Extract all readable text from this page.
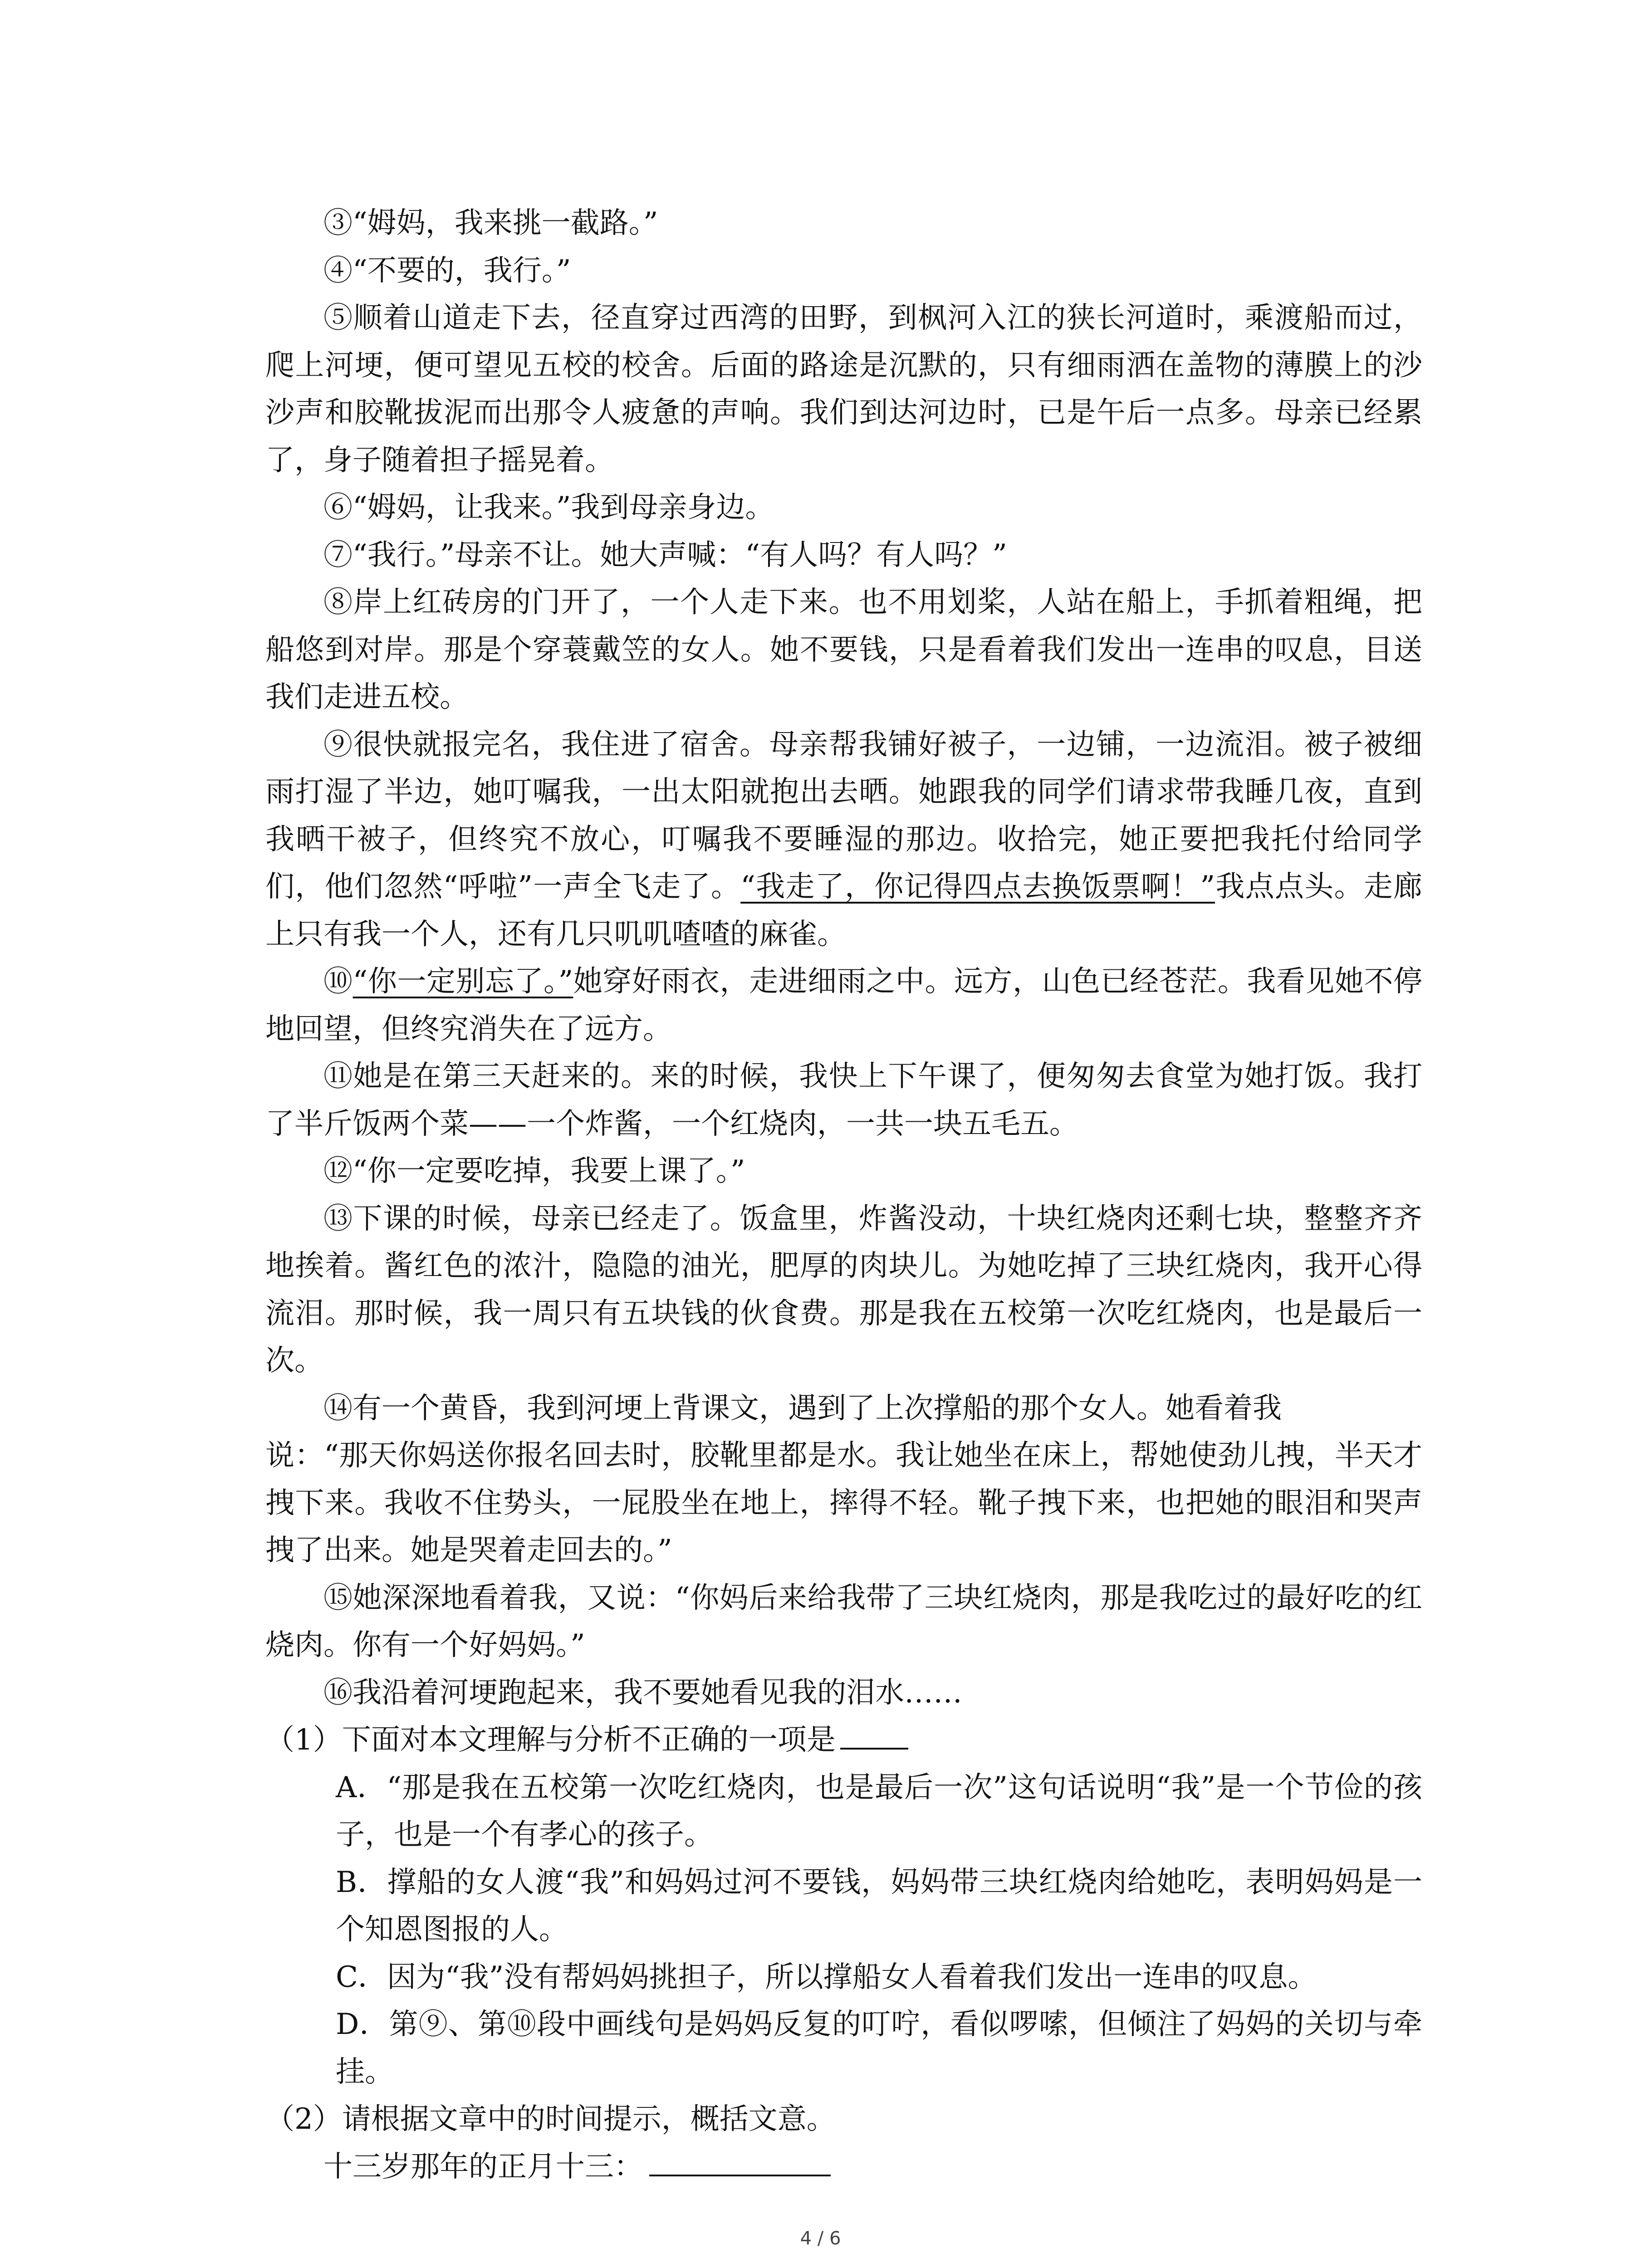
③“姆妈，我来挑一截路。”

④“不要的，我行。”

⑤顺着山道走下去，径直穿过西湾的田野，到枫河入江的狭长河道时，乘渡船而过，爬上河埂，便可望见五校的校舍。后面的路途是沉默的，只有细雨洒在盖物的薄膜上的沙沙声和胶靴拔泥而出那令人疲惫的声响。我们到达河边时，已是午后一点多。母亲已经累了，身子随着担子摇晃着。

⑥“姆妈，让我来。”我到母亲身边。

⑦“我行。”母亲不让。她大声喊：“有人吗？有人吗？”

⑧岸上红砖房的门开了，一个人走下来。也不用划桨，人站在船上，手抓着粗绳，把船悠到对岸。那是个穿蓑戴笠的女人。她不要钱，只是看着我们发出一连串的叹息，目送我们走进五校。

⑨很快就报完名，我住进了宿舍。母亲帮我铺好被子，一边铺，一边流泪。被子被细雨打湿了半边，她叮嘱我，一出太阳就抱出去晒。她跟我的同学们请求带我睡几夜，直到我晒干被子，但终究不放心，叮嘱我不要睡湿的那边。收拾完，她正要把我托付给同学们，他们忽然“呼啦”一声全飞走了。“我走了，你记得四点去换饭票啊！”我点点头。走廊上只有我一个人，还有几只叽叽喳喳的麻雀。

⑩“你一定别忘了。”她穿好雨衣，走进细雨之中。远方，山色已经苍茫。我看见她不停地回望，但终究消失在了远方。

⑪她是在第三天赶来的。来的时候，我快上下午课了，便匆匆去食堂为她打饭。我打了半斤饭两个菜——一个炸酱，一个红烧肉，一共一块五毛五。

⑫“你一定要吃掉，我要上课了。”

⑬下课的时候，母亲已经走了。饭盒里，炸酱没动，十块红烧肉还剩七块，整整齐齐地挨着。酱红色的浓汁，隐隐的油光，肥厚的肉块儿。为她吃掉了三块红烧肉，我开心得流泪。那时候，我一周只有五块钱的伙食费。那是我在五校第一次吃红烧肉，也是最后一次。

⑭有一个黄昏，我到河埂上背课文，遇到了上次撑船的那个女人。她看着我

说：“那天你妈送你报名回去时，胶靴里都是水。我让她坐在床上，帮她使劲儿拽，半天才拽下来。我收不住势头，一屁股坐在地上，摔得不轻。靴子拽下来，也把她的眼泪和哭声拽了出来。她是哭着走回去的。”

⑮她深深地看着我，又说：“你妈后来给我带了三块红烧肉，那是我吃过的最好吃的红烧肉。你有一个好妈妈。”

⑯我沿着河埂跑起来，我不要她看见我的泪水……

（1）下面对本文理解与分析不正确的一项是

A．“那是我在五校第一次吃红烧肉，也是最后一次”这句话说明“我”是一个节俭的孩子，也是一个有孝心的孩子。

B．撑船的女人渡“我”和妈妈过河不要钱，妈妈带三块红烧肉给她吃，表明妈妈是一个知恩图报的人。

C．因为“我”没有帮妈妈挑担子，所以撑船女人看着我们发出一连串的叹息。

D．第⑨、第⑩段中画线句是妈妈反复的叮咛，看似啰嗦，但倾注了妈妈的关切与牵挂。

（2）请根据文章中的时间提示，概括文意。

十三岁那年的正月十三：

4 / 6
